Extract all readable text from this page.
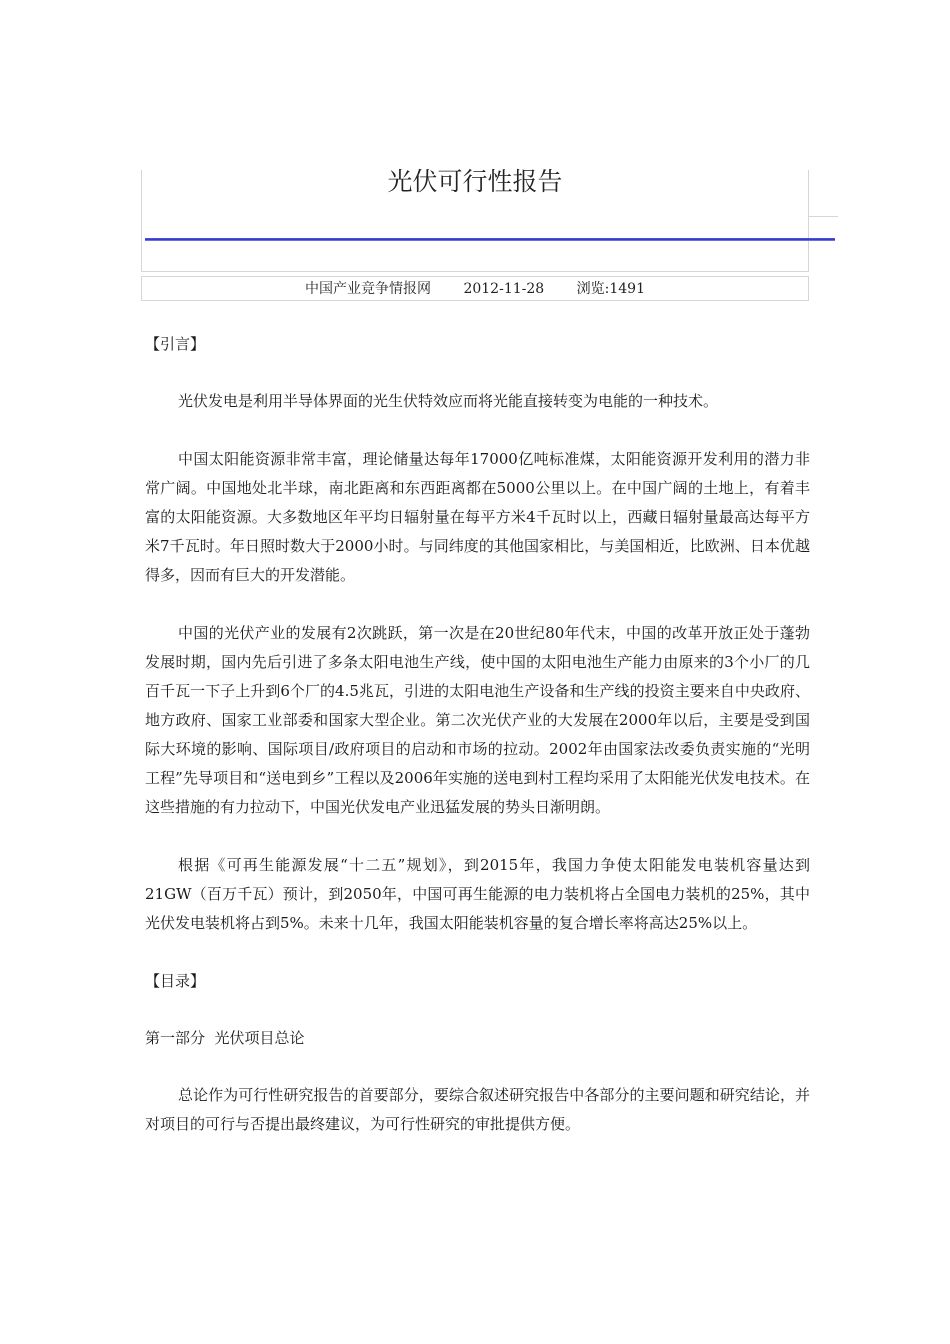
光伏可行性报告
中国产业竞争情报网 2012-11-28 浏览:1491

【引言】

光伏发电是利用半导体界面的光生伏特效应而将光能直接转变为电能的一种技术。

中国太阳能资源非常丰富，理论储量达每年17000亿吨标准煤，太阳能资源开发利用的潜力非常广阔。中国地处北半球，南北距离和东西距离都在5000公里以上。在中国广阔的土地上，有着丰富的太阳能资源。大多数地区年平均日辐射量在每平方米4千瓦时以上，西藏日辐射量最高达每平方米7千瓦时。年日照时数大于2000小时。与同纬度的其他国家相比，与美国相近，比欧洲、日本优越得多，因而有巨大的开发潜能。

中国的光伏产业的发展有2次跳跃，第一次是在20世纪80年代末，中国的改革开放正处于蓬勃发展时期，国内先后引进了多条太阳电池生产线，使中国的太阳电池生产能力由原来的3个小厂的几百千瓦一下子上升到6个厂的4.5兆瓦，引进的太阳电池生产设备和生产线的投资主要来自中央政府、地方政府、国家工业部委和国家大型企业。第二次光伏产业的大发展在2000年以后，主要是受到国际大环境的影响、国际项目/政府项目的启动和市场的拉动。2002年由国家法改委负责实施的“光明工程”先导项目和“送电到乡”工程以及2006年实施的送电到村工程均采用了太阳能光伏发电技术。在这些措施的有力拉动下，中国光伏发电产业迅猛发展的势头日渐明朗。

根据《可再生能源发展“十二五”规划》，到2015年，我国力争使太阳能发电装机容量达到21GW（百万千瓦）预计，到2050年，中国可再生能源的电力装机将占全国电力装机的25%，其中光伏发电装机将占到5%。未来十几年，我国太阳能装机容量的复合增长率将高达25%以上。

【目录】

第一部分  光伏项目总论

总论作为可行性研究报告的首要部分，要综合叙述研究报告中各部分的主要问题和研究结论，并对项目的可行与否提出最终建议，为可行性研究的审批提供方便。
